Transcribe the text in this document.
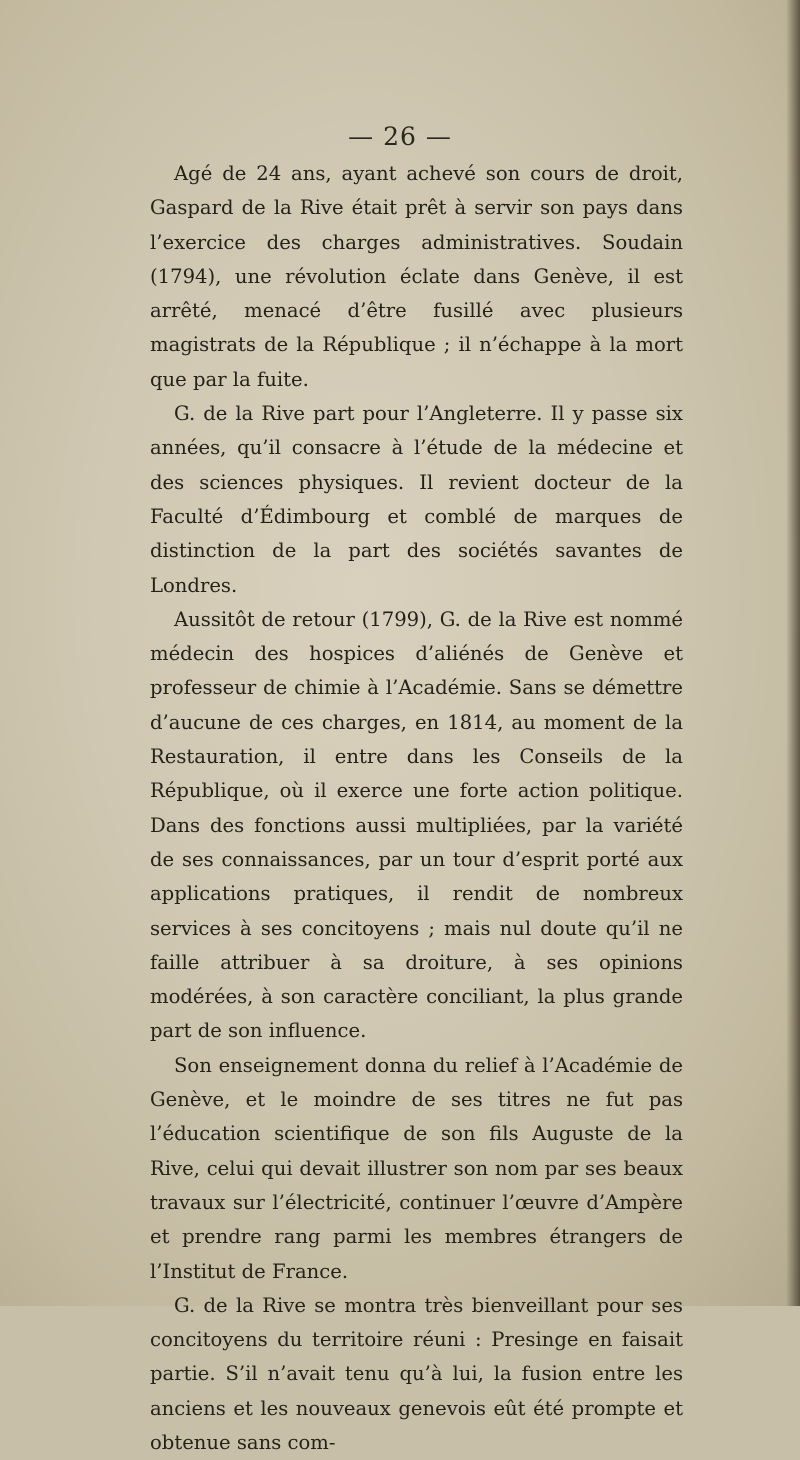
— 26 —

Agé de 24 ans, ayant achevé son cours de droit, Gaspard de la Rive était prêt à servir son pays dans l’exercice des charges administratives. Soudain (1794), une révolution éclate dans Genève, il est arrêté, menacé d’être fusillé avec plusieurs magistrats de la République ; il n’échappe à la mort que par la fuite.

G. de la Rive part pour l’Angleterre. Il y passe six années, qu’il consacre à l’étude de la médecine et des sciences physiques. Il revient docteur de la Faculté d’Édimbourg et comblé de marques de distinction de la part des sociétés savantes de Londres.

Aussitôt de retour (1799), G. de la Rive est nommé médecin des hospices d’aliénés de Genève et professeur de chimie à l’Académie. Sans se démettre d’aucune de ces charges, en 1814, au moment de la Restauration, il entre dans les Conseils de la République, où il exerce une forte action politique. Dans des fonctions aussi multipliées, par la variété de ses connaissances, par un tour d’esprit porté aux applications pratiques, il rendit de nombreux services à ses concitoyens ; mais nul doute qu’il ne faille attribuer à sa droiture, à ses opinions modérées, à son caractère conciliant, la plus grande part de son influence.

Son enseignement donna du relief à l’Académie de Genève, et le moindre de ses titres ne fut pas l’éducation scientifique de son fils Auguste de la Rive, celui qui devait illustrer son nom par ses beaux travaux sur l’électricité, continuer l’œuvre d’Ampère et prendre rang parmi les membres étrangers de l’Institut de France.

G. de la Rive se montra très bienveillant pour ses concitoyens du territoire réuni : Presinge en faisait partie. S’il n’avait tenu qu’à lui, la fusion entre les anciens et les nouveaux genevois eût été prompte et obtenue sans com-
